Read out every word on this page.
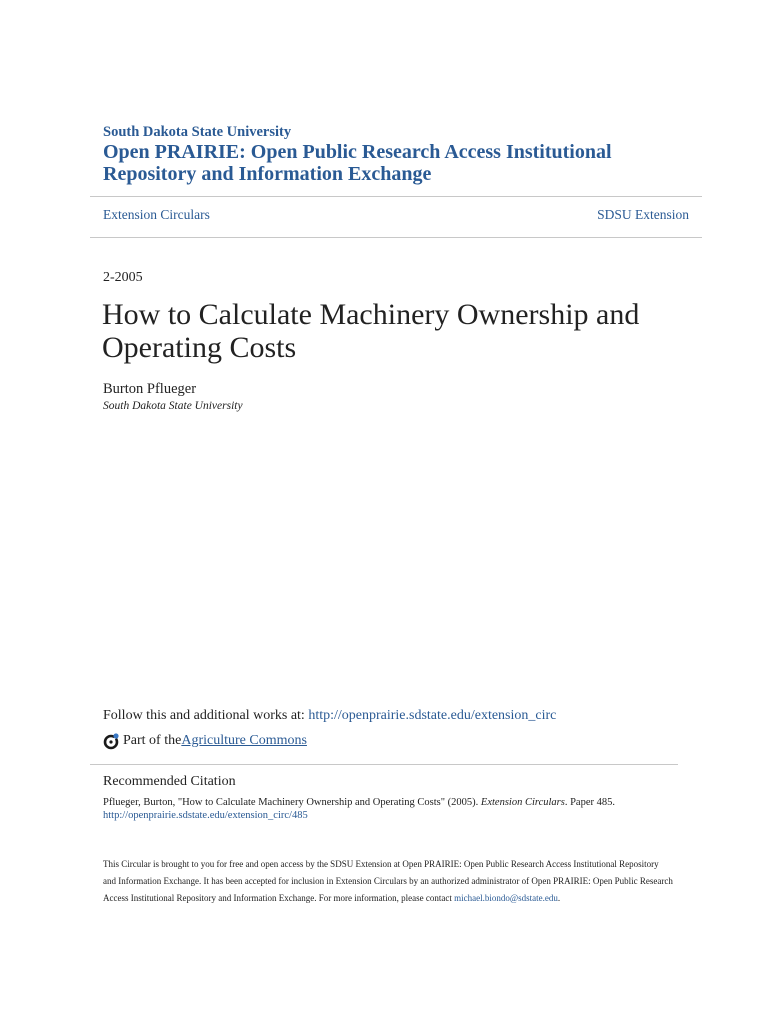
South Dakota State University
Open PRAIRIE: Open Public Research Access Institutional Repository and Information Exchange
Extension Circulars	SDSU Extension
2-2005
How to Calculate Machinery Ownership and Operating Costs
Burton Pflueger
South Dakota State University
Follow this and additional works at: http://openprairie.sdstate.edu/extension_circ
Part of the Agriculture Commons
Recommended Citation
Pflueger, Burton, "How to Calculate Machinery Ownership and Operating Costs" (2005). Extension Circulars. Paper 485.
http://openprairie.sdstate.edu/extension_circ/485
This Circular is brought to you for free and open access by the SDSU Extension at Open PRAIRIE: Open Public Research Access Institutional Repository and Information Exchange. It has been accepted for inclusion in Extension Circulars by an authorized administrator of Open PRAIRIE: Open Public Research Access Institutional Repository and Information Exchange. For more information, please contact michael.biondo@sdstate.edu.
